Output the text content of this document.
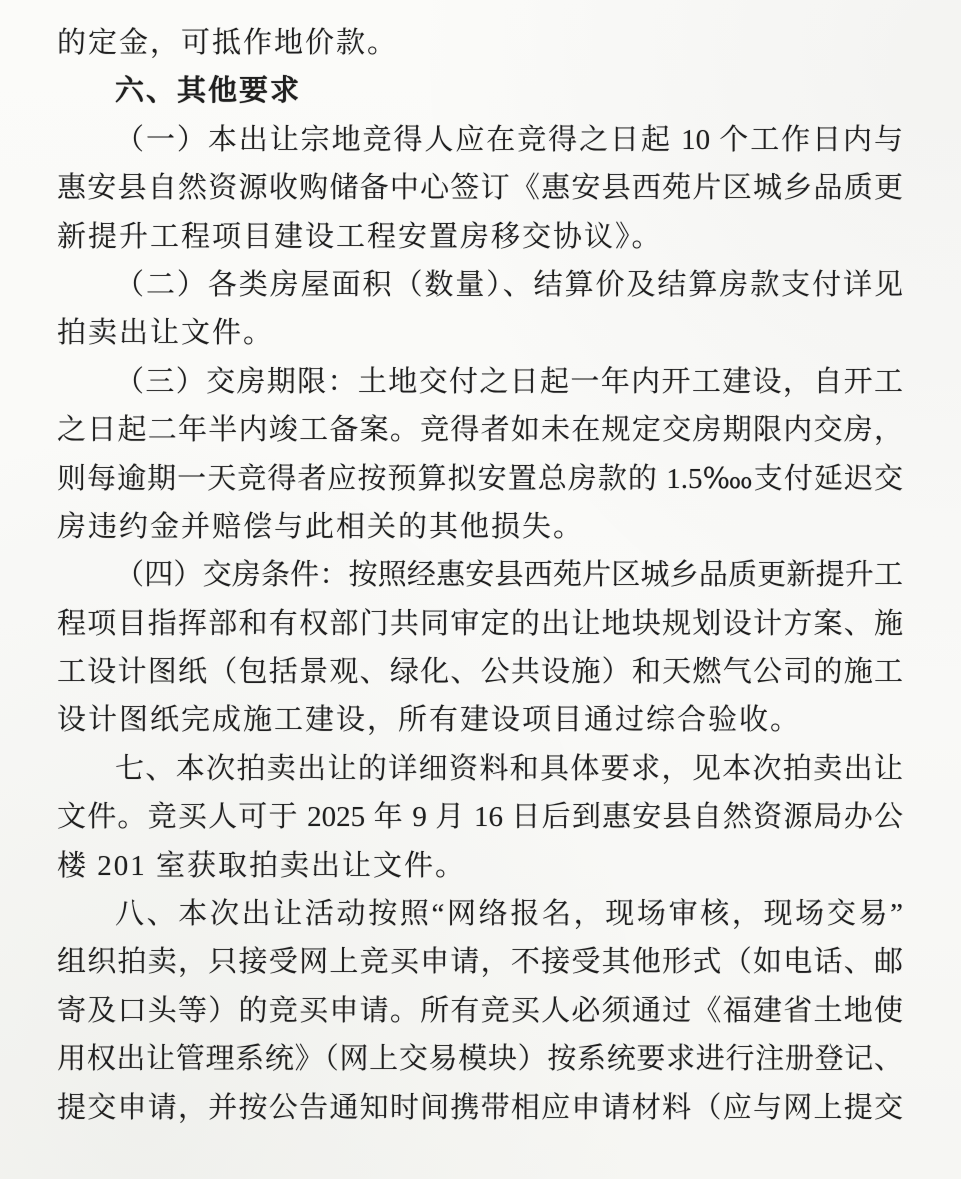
的定金，可抵作地价款。
六、其他要求
（一）本出让宗地竞得人应在竞得之日起 10 个工作日内与
惠安县自然资源收购储备中心签订《惠安县西苑片区城乡品质更
新提升工程项目建设工程安置房移交协议》。
（二）各类房屋面积（数量）、结算价及结算房款支付详见
拍卖出让文件。
（三）交房期限：土地交付之日起一年内开工建设，自开工
之日起二年半内竣工备案。竞得者如未在规定交房期限内交房，
则每逾期一天竞得者应按预算拟安置总房款的 1.5‱支付延迟交
房违约金并赔偿与此相关的其他损失。
（四）交房条件：按照经惠安县西苑片区城乡品质更新提升工
程项目指挥部和有权部门共同审定的出让地块规划设计方案、施
工设计图纸（包括景观、绿化、公共设施）和天燃气公司的施工
设计图纸完成施工建设，所有建设项目通过综合验收。
七、本次拍卖出让的详细资料和具体要求，见本次拍卖出让
文件。竞买人可于 2025 年 9 月 16 日后到惠安县自然资源局办公
楼 201 室获取拍卖出让文件。
八、本次出让活动按照“网络报名，现场审核，现场交易”
组织拍卖，只接受网上竞买申请，不接受其他形式（如电话、邮
寄及口头等）的竞买申请。所有竞买人必须通过《福建省土地使
用权出让管理系统》（网上交易模块）按系统要求进行注册登记、
提交申请，并按公告通知时间携带相应申请材料（应与网上提交
